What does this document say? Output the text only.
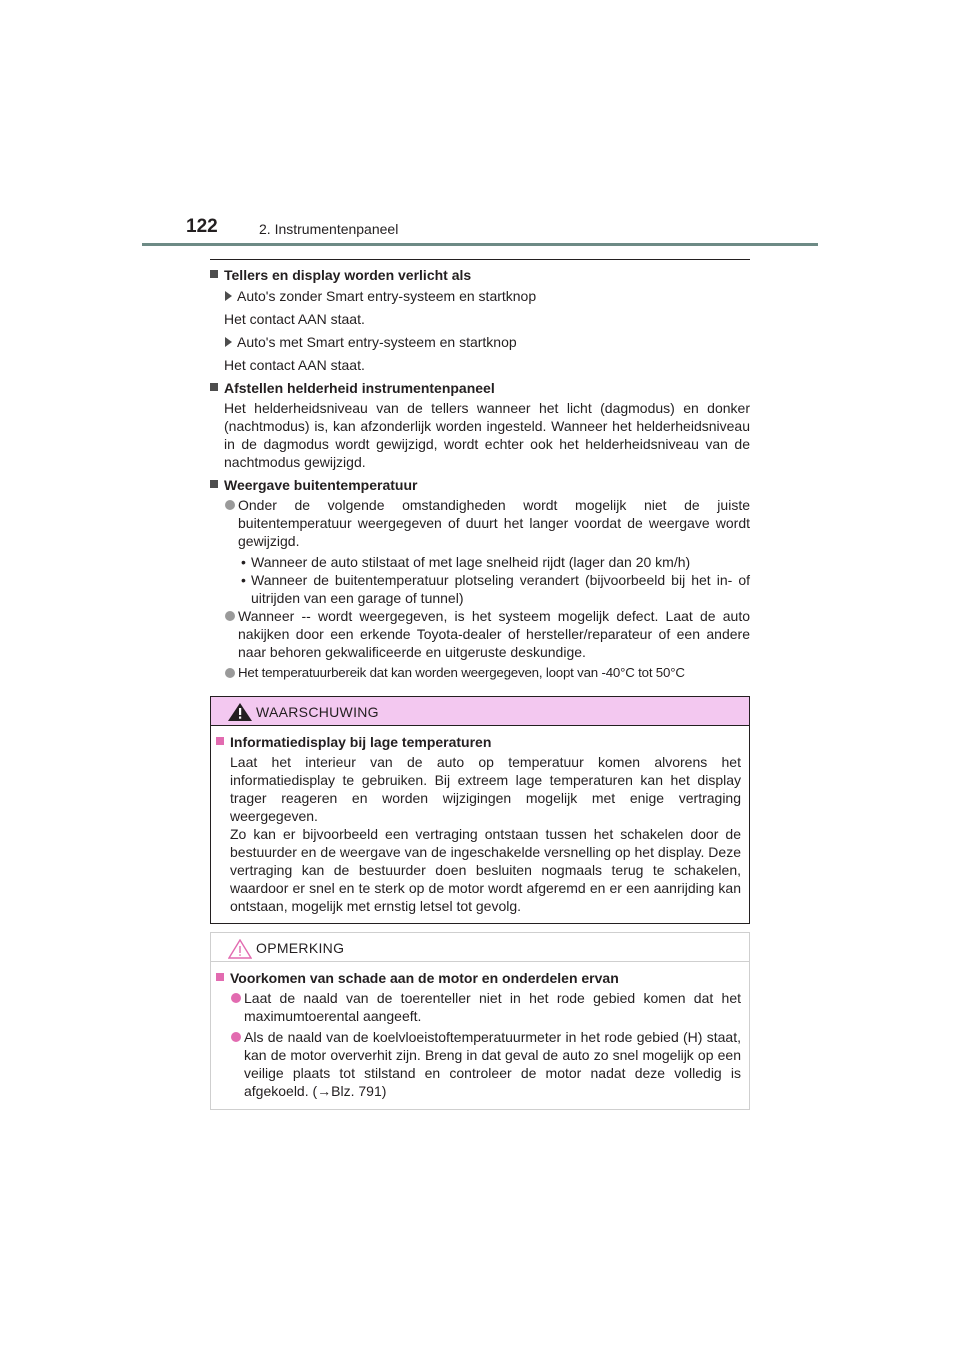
122	2. Instrumentenpaneel
Tellers en display worden verlicht als
Auto's zonder Smart entry-systeem en startknop
Het contact AAN staat.
Auto's met Smart entry-systeem en startknop
Het contact AAN staat.
Afstellen helderheid instrumentenpaneel
Het helderheidsniveau van de tellers wanneer het licht (dagmodus) en donker (nachtmodus) is, kan afzonderlijk worden ingesteld. Wanneer het helderheidsniveau in de dagmodus wordt gewijzigd, wordt echter ook het helderheidsniveau van de nachtmodus gewijzigd.
Weergave buitentemperatuur
Onder de volgende omstandigheden wordt mogelijk niet de juiste buitentemperatuur weergegeven of duurt het langer voordat de weergave wordt gewijzigd.
• Wanneer de auto stilstaat of met lage snelheid rijdt (lager dan 20 km/h)
• Wanneer de buitentemperatuur plotseling verandert (bijvoorbeeld bij het in- of uitrijden van een garage of tunnel)
Wanneer -- wordt weergegeven, is het systeem mogelijk defect. Laat de auto nakijken door een erkende Toyota-dealer of hersteller/reparateur of een andere naar behoren gekwalificeerde en uitgeruste deskundige.
Het temperatuurbereik dat kan worden weergegeven, loopt van -40°C tot 50°C
WAARSCHUWING
Informatiedisplay bij lage temperaturen
Laat het interieur van de auto op temperatuur komen alvorens het informatiedisplay te gebruiken. Bij extreem lage temperaturen kan het display trager reageren en worden wijzigingen mogelijk met enige vertraging weergegeven.
Zo kan er bijvoorbeeld een vertraging ontstaan tussen het schakelen door de bestuurder en de weergave van de ingeschakelde versnelling op het display. Deze vertraging kan de bestuurder doen besluiten nogmaals terug te schakelen, waardoor er snel en te sterk op de motor wordt afgeremd en er een aanrijding kan ontstaan, mogelijk met ernstig letsel tot gevolg.
OPMERKING
Voorkomen van schade aan de motor en onderdelen ervan
Laat de naald van de toerenteller niet in het rode gebied komen dat het maximumtoerental aangeeft.
Als de naald van de koelvloeistoftemperatuurmeter in het rode gebied (H) staat, kan de motor oververhit zijn. Breng in dat geval de auto zo snel mogelijk op een veilige plaats tot stilstand en controleer de motor nadat deze volledig is afgekoeld. (→Blz. 791)
